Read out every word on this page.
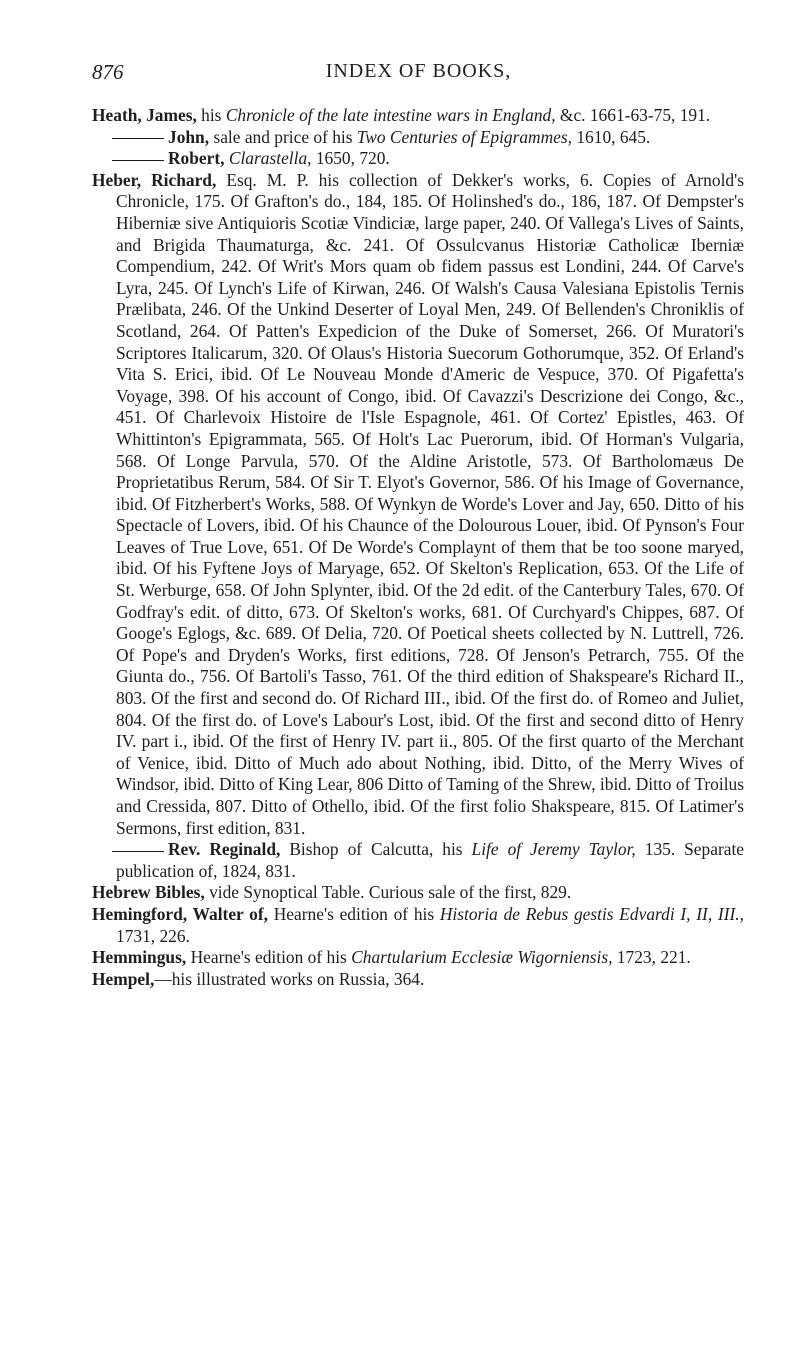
876	INDEX OF BOOKS,

Heath, James, his Chronicle of the late intestine wars in England, &c. 1661-63-75, 191.

John, sale and price of his Two Centuries of Epigrammes, 1610, 645.

Robert, Clarastella, 1650, 720.

Heber, Richard, Esq. M. P. his collection of Dekker's works, 6. Copies of Arnold's Chronicle, 175. Of Grafton's do., 184, 185. Of Holinshed's do., 186, 187. Of Dempster's Hiberniæ sive Antiquioris Scotiæ Vindiciæ, large paper, 240. Of Vallega's Lives of Saints, and Brigida Thaumaturga, &c. 241. Of Ossulcvanus Historiæ Catholicæ Iberniæ Compendium, 242. Of Writ's Mors quam ob fidem passus est Londini, 244. Of Carve's Lyra, 245. Of Lynch's Life of Kirwan, 246. Of Walsh's Causa Valesiana Epistolis Ternis Prælibata, 246. Of the Unkind Deserter of Loyal Men, 249. Of Bellenden's Chroniklis of Scotland, 264. Of Patten's Expedicion of the Duke of Somerset, 266. Of Muratori's Scriptores Italicarum, 320. Of Olaus's Historia Suecorum Gothorumque, 352. Of Erland's Vita S. Erici, ibid. Of Le Nouveau Monde d'Americ de Vespuce, 370. Of Pigafetta's Voyage, 398. Of his account of Congo, ibid. Of Cavazzi's Descrizione dei Congo, &c., 451. Of Charlevoix Histoire de l'Isle Espagnole, 461. Of Cortez' Epistles, 463. Of Whittinton's Epigrammata, 565. Of Holt's Lac Puerorum, ibid. Of Horman's Vulgaria, 568. Of Longe Parvula, 570. Of the Aldine Aristotle, 573. Of Bartholomæus De Proprietatibus Rerum, 584. Of Sir T. Elyot's Governor, 586. Of his Image of Governance, ibid. Of Fitzherbert's Works, 588. Of Wynkyn de Worde's Lover and Jay, 650. Ditto of his Spectacle of Lovers, ibid. Of his Chaunce of the Dolourous Louer, ibid. Of Pynson's Four Leaves of True Love, 651. Of De Worde's Complaynt of them that be too soone maryed, ibid. Of his Fyftene Joys of Maryage, 652. Of Skelton's Replication, 653. Of the Life of St. Werburge, 658. Of John Splynter, ibid. Of the 2d edit. of the Canterbury Tales, 670. Of Godfray's edit. of ditto, 673. Of Skelton's works, 681. Of Curchyard's Chippes, 687. Of Googe's Eglogs, &c. 689. Of Delia, 720. Of Poetical sheets collected by N. Luttrell, 726. Of Pope's and Dryden's Works, first editions, 728. Of Jenson's Petrarch, 755. Of the Giunta do., 756. Of Bartoli's Tasso, 761. Of the third edition of Shakspeare's Richard II., 803. Of the first and second do. Of Richard III., ibid. Of the first do. of Romeo and Juliet, 804. Of the first do. of Love's Labour's Lost, ibid. Of the first and second ditto of Henry IV. part i., ibid. Of the first of Henry IV. part ii., 805. Of the first quarto of the Merchant of Venice, ibid. Ditto of Much ado about Nothing, ibid. Ditto, of the Merry Wives of Windsor, ibid. Ditto of King Lear, 806 Ditto of Taming of the Shrew, ibid. Ditto of Troilus and Cressida, 807. Ditto of Othello, ibid. Of the first folio Shakspeare, 815. Of Latimer's Sermons, first edition, 831.

Rev. Reginald, Bishop of Calcutta, his Life of Jeremy Taylor, 135. Separate publication of, 1824, 831.

Hebrew Bibles, vide Synoptical Table. Curious sale of the first, 829.

Hemingford, Walter of, Hearne's edition of his Historia de Rebus gestis Edvardi I, II, III., 1731, 226.

Hemmingus, Hearne's edition of his Chartularium Ecclesiæ Wigorniensis, 1723, 221.

Hempel,—his illustrated works on Russia, 364.
